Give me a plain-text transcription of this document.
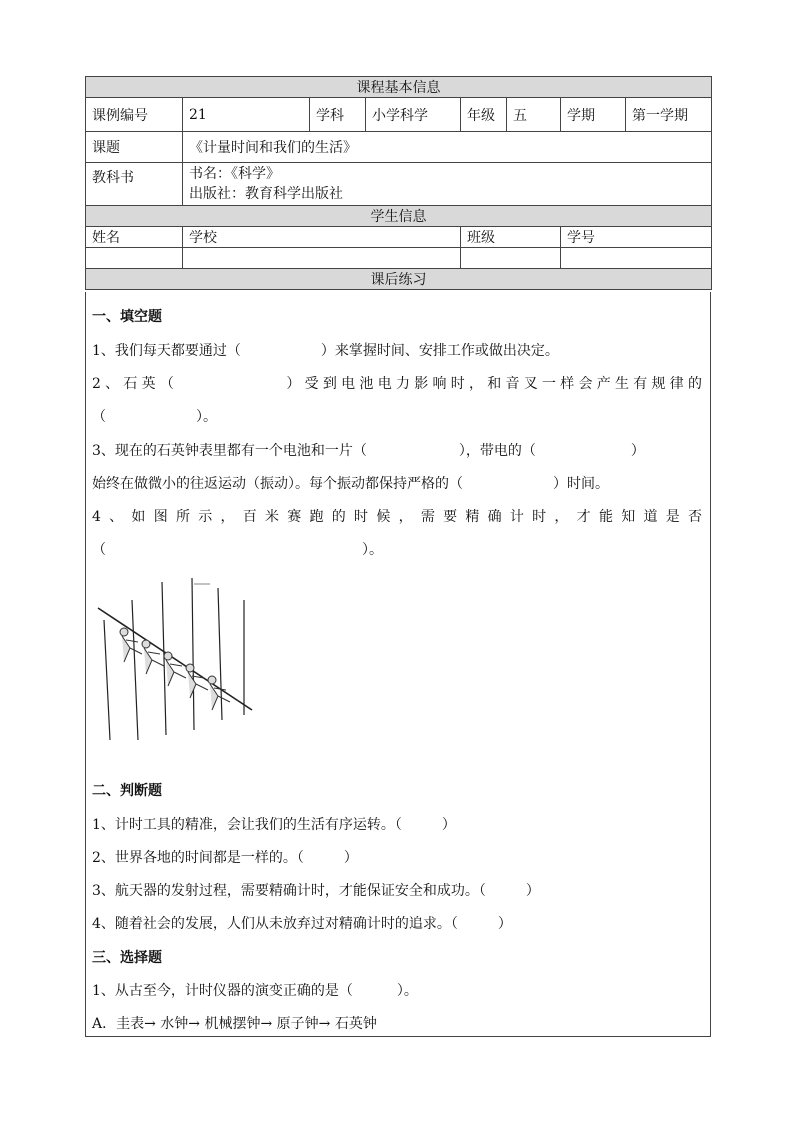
课程基本信息							
课例编号	21	学科	小学科学	年级	五	学期	第一学期
课题	《计量时间和我们的生活》						
教科书	书名：《科学》
出版社：教育科学出版社						

学生信息							
姓名	学校			班级		学号	

课后练习							
一、填空题
1、我们每天都要通过（	）来掌握时间、安排工作或做出决定。
2、石英（	）受到电池电力影响时，和音叉一样会产生有规律的
（	）。
3、现在的石英钟表里都有一个电池和一片（	），带电的（	）
始终在做微小的往返运动（振动）。每个振动都保持严格的（	）时间。
4、如图所示，百米赛跑的时候，需要精确计时，才能知道是否
（	）。
二、判断题
1、计时工具的精准，会让我们的生活有序运转。（	）
2、世界各地的时间都是一样的。（	）
3、航天器的发射过程，需要精确计时，才能保证安全和成功。（	）
4、随着社会的发展，人们从未放弃过对精确计时的追求。（	）
三、选择题
1、从古至今，计时仪器的演变正确的是（	）。
A．圭表→ 水钟→ 机械摆钟→ 原子钟→ 石英钟
